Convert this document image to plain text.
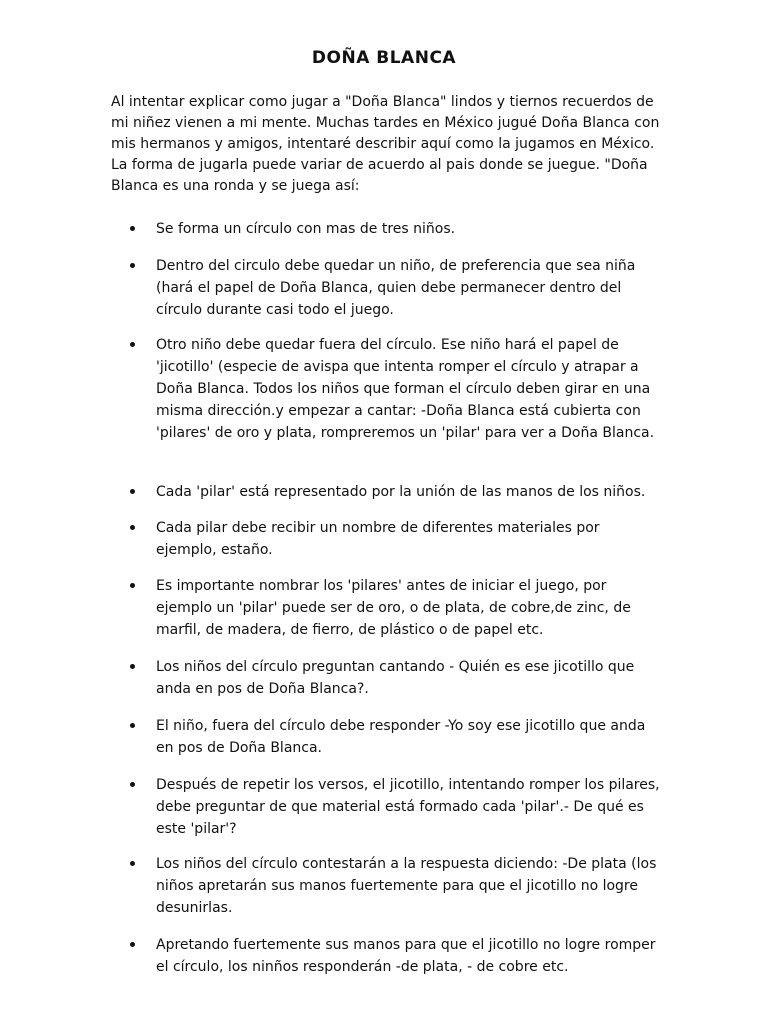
DOÑA BLANCA

Al intentar explicar como jugar a "Doña Blanca" lindos y tiernos recuerdos de mi niñez vienen a mi mente. Muchas tardes en México jugué Doña Blanca con mis hermanos y amigos, intentaré describir aquí como la jugamos en México. La forma de jugarla puede variar de acuerdo al pais donde se juegue. "Doña Blanca es una ronda y se juega así:

Se forma un círculo con mas de tres niños.

Dentro del circulo debe quedar un niño, de preferencia que sea niña (hará el papel de Doña Blanca, quien debe permanecer dentro del círculo durante casi todo el juego.

Otro niño debe quedar fuera del círculo. Ese niño hará el papel de 'jicotillo' (especie de avispa que intenta romper el círculo y atrapar a Doña Blanca. Todos los niños que forman el círculo deben girar en una misma dirección.y empezar a cantar: -Doña Blanca está cubierta con 'pilares' de oro y plata, rompreremos un 'pilar' para ver a Doña Blanca.

Cada 'pilar' está representado por la unión de las manos de los niños.

Cada pilar debe recibir un nombre de diferentes materiales por ejemplo, estaño.

Es importante nombrar los 'pilares' antes de iniciar el juego, por ejemplo un 'pilar' puede ser de oro, o de plata, de cobre,de zinc, de marfil, de madera, de fierro, de plástico o de papel etc.

Los niños del círculo preguntan cantando - Quién es ese jicotillo que anda en pos de Doña Blanca?.

El niño, fuera del círculo debe responder -Yo soy ese jicotillo que anda en pos de Doña Blanca.

Después de repetir los versos, el jicotillo, intentando romper los pilares, debe preguntar de que material está formado cada 'pilar'.- De qué es este 'pilar'?

Los niños del círculo contestarán a la respuesta diciendo: -De plata (los niños apretarán sus manos fuertemente para que el jicotillo no logre desunirlas.

Apretando fuertemente sus manos para que el jicotillo no logre romper el círculo, los ninños responderán -de plata, - de cobre etc.
